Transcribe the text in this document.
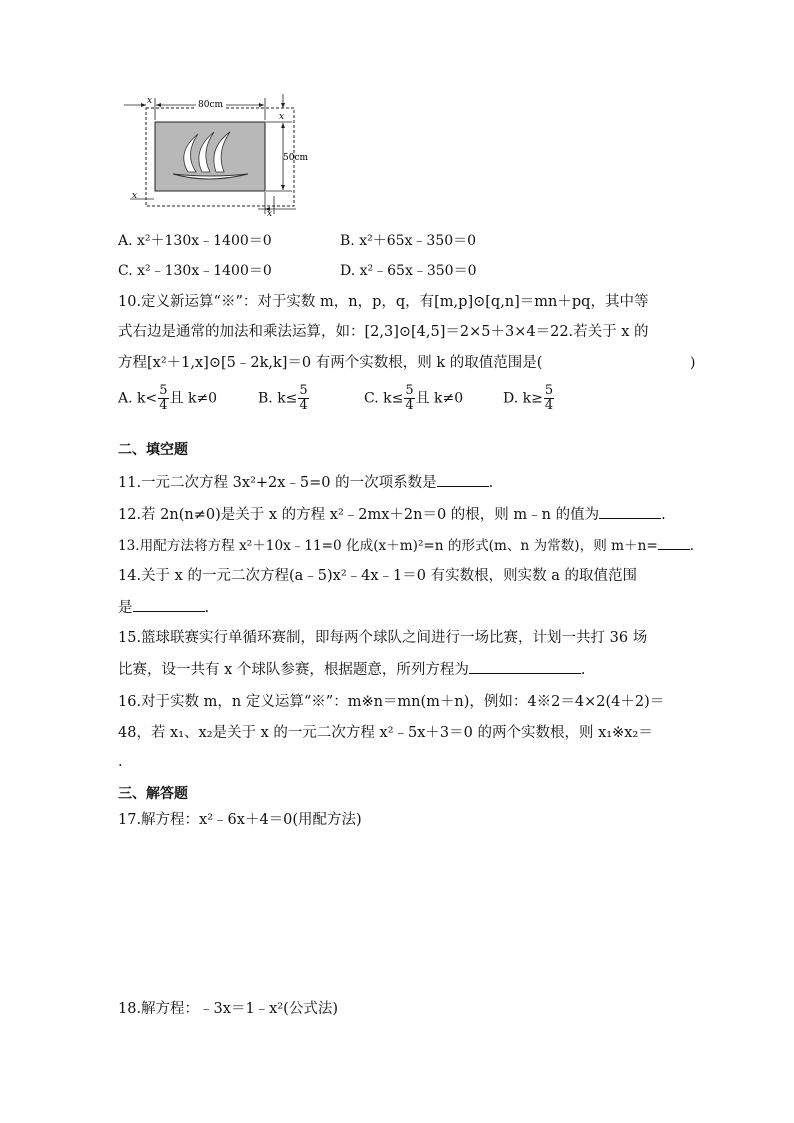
80cm
x
50cm
x
x
x
A. x²＋130x﹣1400＝0	B. x²＋65x﹣350＝0
C. x²﹣130x﹣1400＝0	D. x²﹣65x﹣350＝0
10.定义新运算“※”：对于实数 m，n，p，q，有[m,p]⊙[q,n]＝mn＋pq，其中等
式右边是通常的加法和乘法运算，如：[2,3]⊙[4,5]＝2×5＋3×4＝22.若关于 x 的
方程[x²＋1,x]⊙[5﹣2k,k]＝0 有两个实数根，则 k 的取值范围是(	)
A. $k< \frac{5}{4}$ 且 k≠0	B. $k\le \frac{5}{4}$	C. $k\le \frac{5}{4}$ 且 k≠0	D. $k\ge \frac{5}{4}$
二、填空题
11.一元二次方程 3x²+2x﹣5=0 的一次项系数是	.
12.若 2n(n≠0)是关于 x 的方程 x²﹣2mx＋2n＝0 的根，则 m﹣n 的值为	.
13.用配方法将方程 x²＋10x﹣11=0 化成(x＋m)²=n 的形式(m、n 为常数)，则 m＋n= .
14.关于 x 的一元二次方程(a﹣5)x²﹣4x﹣1＝0 有实数根，则实数 a 的取值范围
是	.
15.篮球联赛实行单循环赛制，即每两个球队之间进行一场比赛，计划一共打 36 场
比赛，设一共有 x 个球队参赛，根据题意，所列方程为	.
16.对于实数 m，n 定义运算“※”：m※n＝mn(m＋n)，例如：4※2＝4×2(4＋2)＝
48，若 x₁、x₂是关于 x 的一元二次方程 x²﹣5x＋3＝0 的两个实数根，则 x₁※x₂＝
.
三、解答题
17.解方程：x²﹣6x＋4＝0(用配方法)
18.解方程：﹣3x＝1﹣x²(公式法)
